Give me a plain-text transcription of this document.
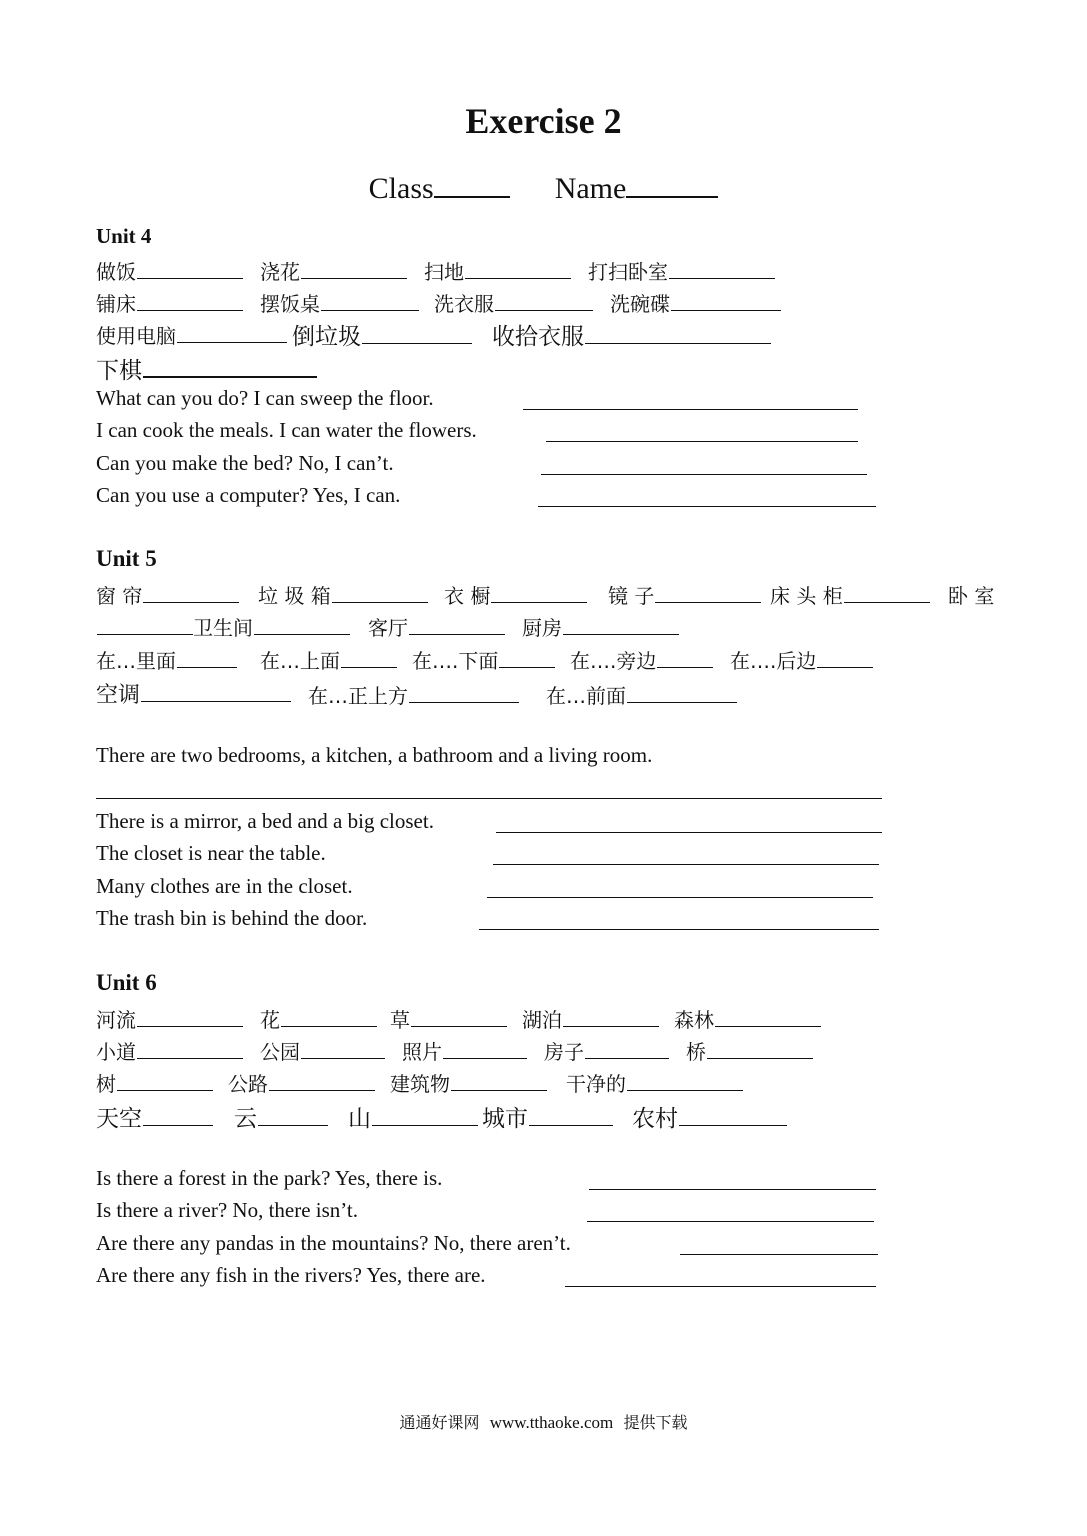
Exercise 2
Class	Name
Unit 4
做饭	浇花	扫地	打扫卧室
铺床	摆饭桌	洗衣服	洗碗碟
使用电脑	倒垃圾	收拾衣服
下棋
What can you do? I can sweep the floor.
I can cook the meals. I can water the flowers.
Can you make the bed? No, I can’t.
Can you use a computer? Yes, I can.
Unit 5
窗 帘	垃 圾 箱	衣 橱	镜 子	床 头 柜	卧 室
卫生间	客厅	厨房
在…里面	在…上面	在….下面	在….旁边	在….后边
空调	在…正上方	在…前面
There are two bedrooms, a kitchen, a bathroom and a living room.
There is a mirror, a bed and a big closet.
The closet is near the table.
Many clothes are in the closet.
The trash bin is behind the door.
Unit 6
河流	花	草	湖泊	森林
小道	公园	照片	房子	桥
树	公路	建筑物	干净的
天空	云	山	城市	农村
Is there a forest in the park? Yes, there is.
Is there a river? No, there isn’t.
Are there any pandas in the mountains? No, there aren’t.
Are there any fish in the rivers? Yes, there are.
通通好课网 www.tthaoke.com 提供下载
